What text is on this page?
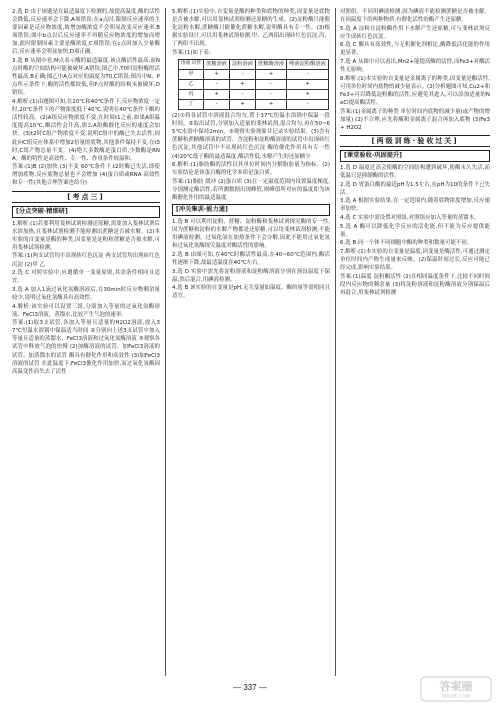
2.选 D 由于该题是在最适温度下检测的,故提高温度,酶的活性会降低,反应速率会下降,A项错误;在a点时,限制反应速率的主要因素是反应物浓度,故增加酶浓度不会明显改变反应速率,B项错误;图中b点以后反应速率不再随反应物浓度的增加而增加,此时限制因素主要是酶浓度,C项错误;在c点时加入少量酶后,反应速率会明显加快,D项正确。

3.选 B 从图中看,M点表示酶的最适温度,该点酶活性最高,而N点时酶的空间结构可能被破坏,A错误;图乙中,T0时淀粉酶的活性最高,B正确;图乙中A点对应的温度为T0,C错误;图丙中N、P点所示条件下,酶的活性都较低,但P点时酶的结构未被破坏,D错误。

4.解析:(1)由题图可知,在20℃和40℃条件下,反应物浓度一定时,20℃条件下的产物浓度低于40℃,说明在40℃条件下酶的活性较高。(2)A组反应物浓度不变,在时间t1之前,如果A组温度提高10℃,酶活性会升高,那么A组酶催化反应的速度会加快。(3)t2时C组产物浓度不变,说明C组中的酶已失去活性,因此向C组反应体系中增加2倍量的底物,其他条件保持不变,在t3时,C组产物总量不变。(4)绝大多数酶是蛋白质,少数酶是RNA。酶的特性是高效性、专一性、作用条件较温和。

答案:(1)B (2)加快 (3)不变 60℃条件下,t2时酶已失活,即使增加底物,反应底物总量也不会增加 (4)蛋白质或RNA 高效性和专一性(其他合理答案也给分)

[考点三]
[分点突破·精细研]

1.解析:(1)若要利用斐林试剂检测还原糖,需要加入斐林试剂后水浴加热,且斐林试剂检测不能检测出蔗糖是否被水解。(2)本实验的自变量是酶的种类,因变量是淀粉和蔗糖是否被水解,可用斐林试剂检测。

答案:(1)两支试管均不出现砖红色沉淀 两支试管均出现砖红色沉淀 (2)甲 乙

2.选 C 对照实验中,应遵循单一变量原则,其余条件相同且适宜。

3.选 A 加入1滴过氧化氢酶溶液后,在30min时反应物剩余量较少,说明过氧化氢酶具有高效性。

4.解析:该实验可以设置三组,分别加入等量的过氧化氢酶溶液、FeCl3溶液、蒸馏水,比较产生气泡的速率。

答案:(1)取3支试管,各加入等量且适量的H2O2溶液,放入37℃恒温水浴锅中保温适当时间 ②分别向上述3支试管中加入等量且适量的蒸馏水、FeCl3溶液和过氧化氢酶溶液 ③观察各试管中释放气泡的快慢 (2)加酶溶液的试管、加FeCl3溶液的试管、加蒸馏水的试管 酶具有催化作用和高效性 (3)加FeCl3溶液的试管 在此温度下,FeCl3催化作用加快,而过氧化氢酶因高温变性而失去了活性

5.解析:(1)实验中,自变量是酶的种类和底物的种类,因变量是底物是否被水解,可以用斐林试剂检测还原糖的生成。(2)淀粉酶只能催化淀粉水解,蔗糖酶只能催化蔗糖水解,说明酶具有专一性。(3)根据实验设计,可以用斐林试剂检测,甲、乙两组出现砖红色沉淀,丙、丁两组不出现。

答案:(1)如下表:

溶液 试管	蔗糖溶液	淀粉溶液	蔗糖酶溶液	唾液淀粉酶溶液
甲	+	-	+	-
乙	-	+	-	+
丙	+	-	-	+
丁	-	+	+	-

(2)①将各试管中溶液混合均匀,置于37℃恒温水浴锅中保温一段时间。②取出试管,分别加入适量的斐林试剂,混合均匀,再在50~65℃水浴中保持2min。③观察实验现象并记录实验结果。(3)含有蔗糖和蔗糖酶溶液的试管、含淀粉和淀粉酶溶液的试管中出现砖红色沉淀,其他试管中不出现砖红色沉淀 酶的催化作用具有专一性 (4)20℃低于酶的最适温度,酶活性低,水解产生的还原糖少

6.解析:(1)脂肪酶的活性以其单位时间内分解脂肪量为指标。(2)实验结论是该蛋白酶的化学本质是蛋白质。

答案:(1)脂肪 缓冲 (2)蛋白质 (3)在一定温度范围内设置温度梯度,分别测定酶活性,若所测数据出现峰值,则峰值所对应的温度即为该酶催化作用的最适温度

[冲关集训·能力通]

1.选 B 可以利用淀粉、蔗糖、淀粉酶和斐林试剂探究酶的专一性,因为蔗糖和淀粉的水解产物都是还原糖,可以用斐林试剂检测;不能用碘液检测。过氧化氢在加热条件下会分解,因此不能用过氧化氢和过氧化氢酶探究温度对酶活性的影响。

2.选 B 由图可知,在40℃时酶活性最高,在40~60℃范围内,酶活性逐渐下降,故最适温度在40℃左右。

3.选 D 实验中需先将淀粉溶液和淀粉酶溶液分别在预设温度下保温,然后混合,用碘液检测。

4.选 B 该实验的自变量是pH,无关变量如温度、酶的量等需相同且适宜。

对照组。不同用碘液检测,因为碘液不能检测蔗糖是否被水解。在同温度下的两种物质,有催化活性的酶产生还原糖。

5.选 A 淀粉在淀粉酶作用下水解产生还原糖,可与斐林试剂反应生成砖红色沉淀。

6.选 C 酶具有高效性,与无机催化剂相比,酶降低活化能的作用更显著。

7.选 A 从图中可以看出,Mn2+能提高酶的活性,而Fe3+对酶活性无影响。

8.解析:(1)本实验的自变量是金属离子的种类,因变量是酶活性,可用单位时间内底物的减少量表示。(2)分析题图可知,Cu2+和Fe3+可以降低淀粉酶的活性,应避免其进入,可以添加适量的NaCl提高酶活性。

答案:(1)金属离子的种类 单位时间内底物的减少量(或产物的增加量) (2)不合理,应先将酶和金属离子混合再加入底物 (3)Fe3+ H2O2

[两级训练·验收过关]
[课堂验收·巩固提升]

1.选 D 温度过高会使酶的空间结构遭到破坏,使酶永久失活,而低温只是抑制酶的活性。

2.选 D 胃蛋白酶的最适pH为1.5左右,在pH为10的条件下已失活。

3.选 A 根据实验结果,在一定范围内,随着底物浓度增加,反应速率加快。

4.选 C 实验中需设置对照组,对照组应加入等量的蒸馏水。

5.选 A 酶可以降低化学反应的活化能,但不能为反应提供能量。

6.选 B 同一个体不同细胞中酶的种类和数量可能不同。

7.解析:(1)本实验的自变量是温度,因变量是酶活性,可通过测定单位时间内产物生成量来反映。(2)保温时间过长,反应可能已经完成,影响实验结果。

答案:(1)温度 淀粉酶活性 (2)在相同温度条件下,比较不同时间段内反应物的剩余量 (3)将淀粉溶液和淀粉酶溶液分别保温后再混合,用斐林试剂检测

— 337 —	答案圈
MXQE.COM
